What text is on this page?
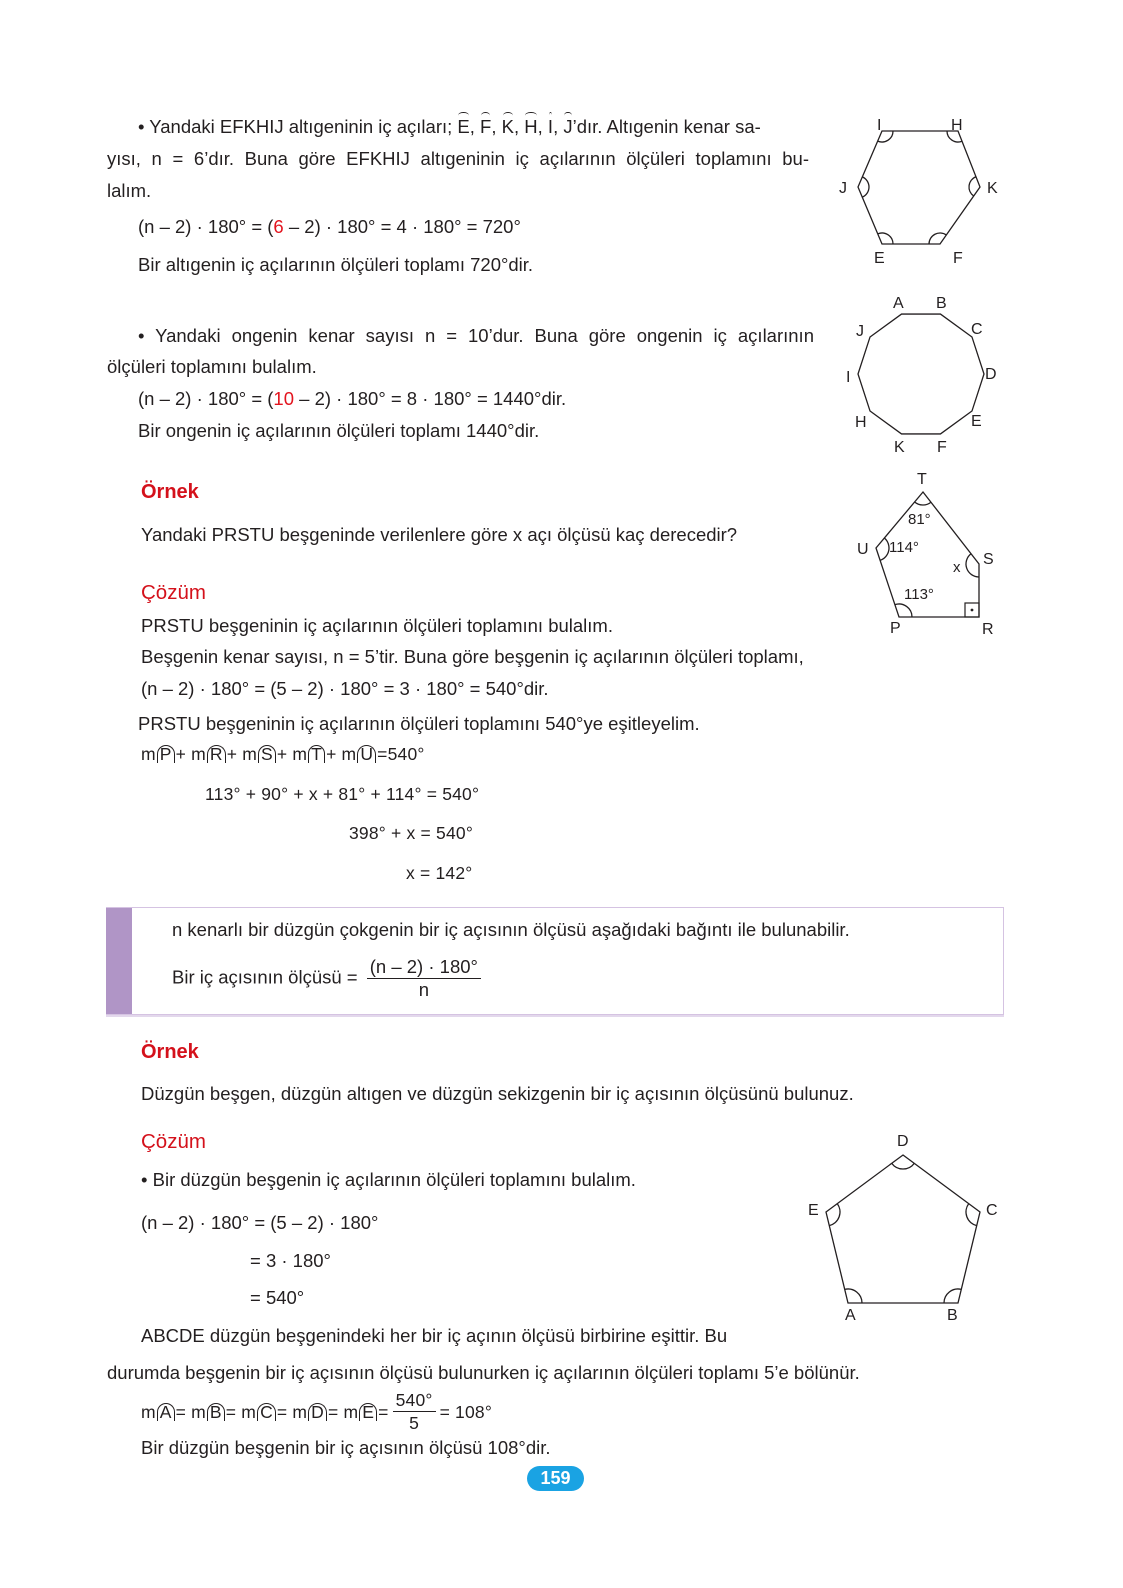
• Yandaki EFKHIJ altıgeninin iç açıları; E, F, K, H, I, J’dır. Altıgenin kenar sa-
yısı, n = 6’dır. Buna göre EFKHIJ altıgeninin iç açılarının ölçüleri toplamını bu-
lalım.
(n – 2) · 180° = (6 – 2) · 180° = 4 · 180° = 720°
Bir altıgenin iç açılarının ölçüleri toplamı 720°dir.
• Yandaki ongenin kenar sayısı n = 10’dur. Buna göre ongenin iç açılarının
ölçüleri toplamını bulalım.
(n – 2) · 180° = (10 – 2) · 180° = 8 · 180° = 1440°dir.
Bir ongenin iç açılarının ölçüleri toplamı 1440°dir.
Örnek
Yandaki PRSTU beşgeninde verilenlere göre x açı ölçüsü kaç derecedir?
Çözüm
PRSTU beşgeninin iç açılarının ölçüleri toplamını bulalım.
Beşgenin kenar sayısı, n = 5’tir. Buna göre beşgenin iç açılarının ölçüleri toplamı,
(n – 2) · 180° = (5 – 2) · 180° = 3 · 180° = 540°dir.
PRSTU beşgeninin iç açılarının ölçüleri toplamını 540°ye eşitleyelim.
m P + m R + m S + m T + m U =540°
113° + 90° + x + 81° + 114° = 540°
398° + x = 540°
x = 142°
n kenarlı bir düzgün çokgenin bir iç açısının ölçüsü aşağıdaki bağıntı ile bulunabilir.
Bir iç açısının ölçüsü = $\frac{(n - 2) \cdot 180^\circ}{n}$
Örnek
Düzgün beşgen, düzgün altıgen ve düzgün sekizgenin bir iç açısının ölçüsünü bulunuz.
Çözüm
• Bir düzgün beşgenin iç açılarının ölçüleri toplamını bulalım.
(n – 2) · 180° = (5 – 2) · 180°
= 3 · 180°
= 540°
ABCDE düzgün beşgenindeki her bir iç açının ölçüsü birbirine eşittir. Bu
durumda beşgenin bir iç açısının ölçüsü bulunurken iç açılarının ölçüleri toplamı 5’e bölünür.
m A = m B = m C = m D = m $E = \frac{540^\circ}{5} = 108^\circ$
Bir düzgün beşgenin bir iç açısının ölçüsü 108°dir.
159
I	H
K
F
E
J
A B
C
D
E
F
K
H
I
J
T
S
R
P
U
81°
114°
113°
x
D
C
B
A
E
